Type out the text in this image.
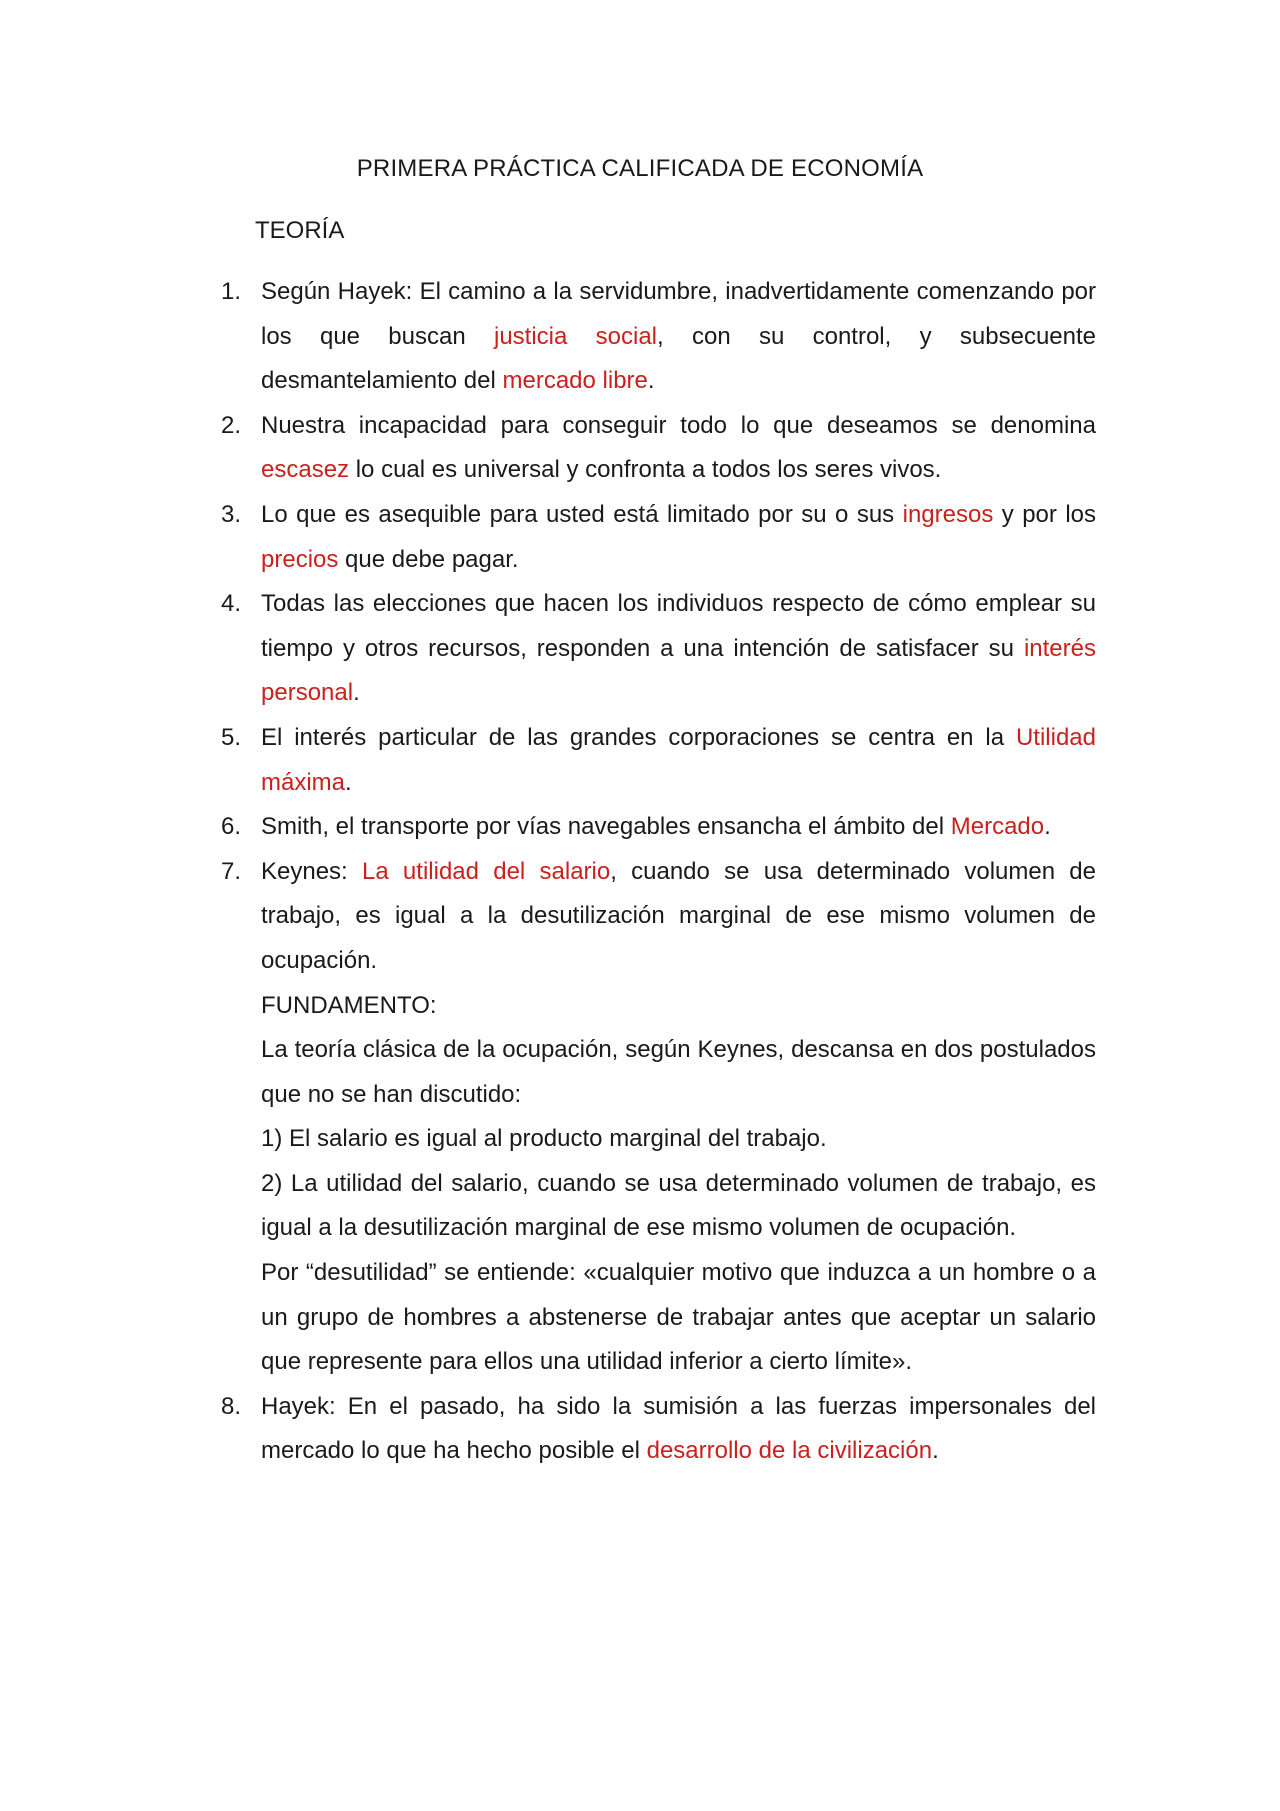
PRIMERA PRÁCTICA CALIFICADA DE ECONOMÍA
TEORÍA
1. Según Hayek: El camino a la servidumbre, inadvertidamente comenzando por los que buscan justicia social, con su control, y subsecuente desmantelamiento del mercado libre.
2. Nuestra incapacidad para conseguir todo lo que deseamos se denomina escasez lo cual es universal y confronta a todos los seres vivos.
3. Lo que es asequible para usted está limitado por su o sus ingresos y por los precios que debe pagar.
4. Todas las elecciones que hacen los individuos respecto de cómo emplear su tiempo y otros recursos, responden a una intención de satisfacer su interés personal.
5. El interés particular de las grandes corporaciones se centra en la Utilidad máxima.
6. Smith, el transporte por vías navegables ensancha el ámbito del Mercado.
7. Keynes: La utilidad del salario, cuando se usa determinado volumen de trabajo, es igual a la desutilización marginal de ese mismo volumen de ocupación.
FUNDAMENTO:
La teoría clásica de la ocupación, según Keynes, descansa en dos postulados que no se han discutido:
1) El salario es igual al producto marginal del trabajo.
2) La utilidad del salario, cuando se usa determinado volumen de trabajo, es igual a la desutilización marginal de ese mismo volumen de ocupación.
Por “desutilidad” se entiende: «cualquier motivo que induzca a un hombre o a un grupo de hombres a abstenerse de trabajar antes que aceptar un salario que represente para ellos una utilidad inferior a cierto límite».
8. Hayek: En el pasado, ha sido la sumisión a las fuerzas impersonales del mercado lo que ha hecho posible el desarrollo de la civilización.
